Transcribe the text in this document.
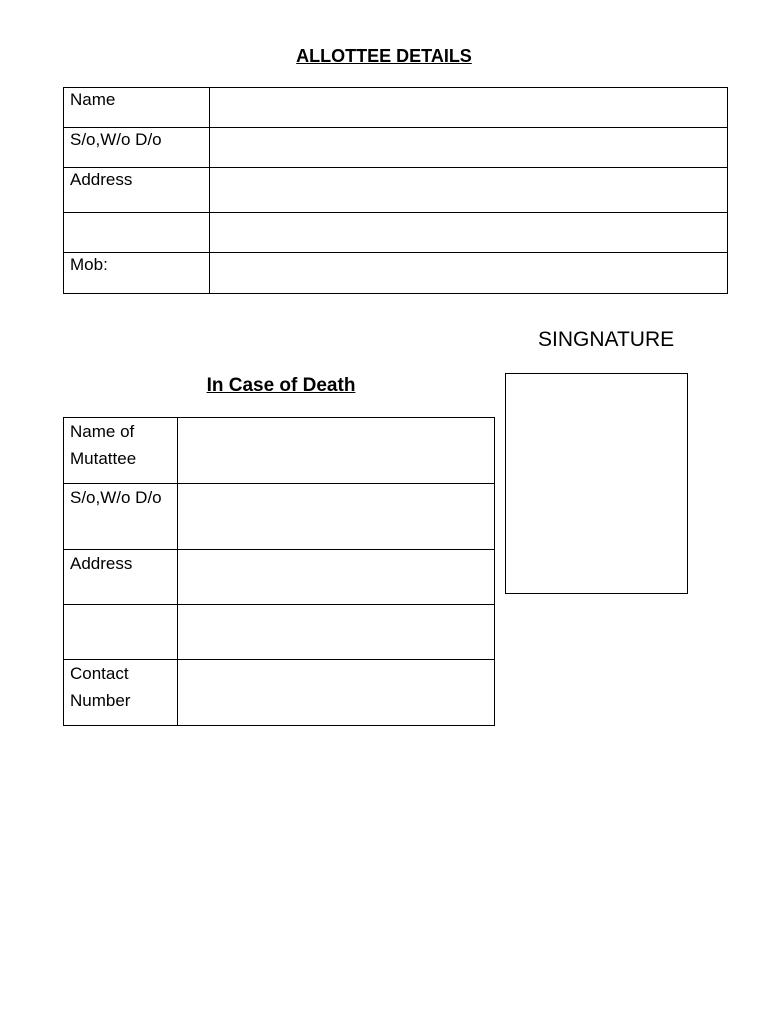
ALLOTTEE DETAILS
Name	
S/o,W/o D/o	
Address	

Mob:	

SINGNATURE

In Case of Death
Name of Mutattee	
S/o,W/o D/o	
Address	

Contact Number	
